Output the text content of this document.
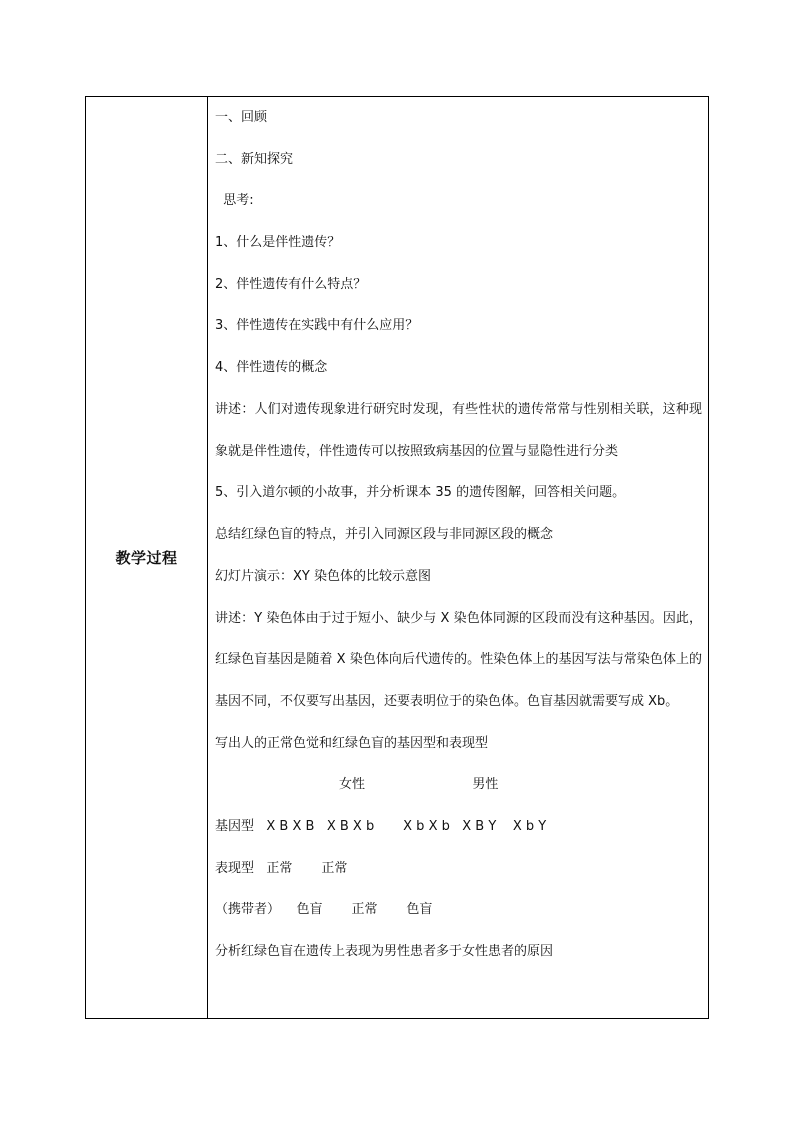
教学过程
一、回顾
二、新知探究
思考:
1、什么是伴性遗传？
2、伴性遗传有什么特点？
3、伴性遗传在实践中有什么应用？
4、伴性遗传的概念
讲述：人们对遗传现象进行研究时发现，有些性状的遗传常常与性别相关联，这种现象就是伴性遗传，伴性遗传可以按照致病基因的位置与显隐性进行分类
5、引入道尔顿的小故事，并分析课本 35 的遗传图解，回答相关问题。
总结红绿色盲的特点，并引入同源区段与非同源区段的概念
幻灯片演示：XY 染色体的比较示意图
讲述：Y 染色体由于过于短小、缺少与 X 染色体同源的区段而没有这种基因。因此，红绿色盲基因是随着 X 染色体向后代遗传的。性染色体上的基因写法与常染色体上的基因不同，不仅要写出基因，还要表明位于的染色体。色盲基因就需要写成 Xb。
写出人的正常色觉和红绿色盲的基因型和表现型
女性                          男性
基因型   X B X B   X B X b       X b X b   X B Y    X b Y
表现型   正常       正常
（携带者）    色盲       正常       色盲
分析红绿色盲在遗传上表现为男性患者多于女性患者的原因
